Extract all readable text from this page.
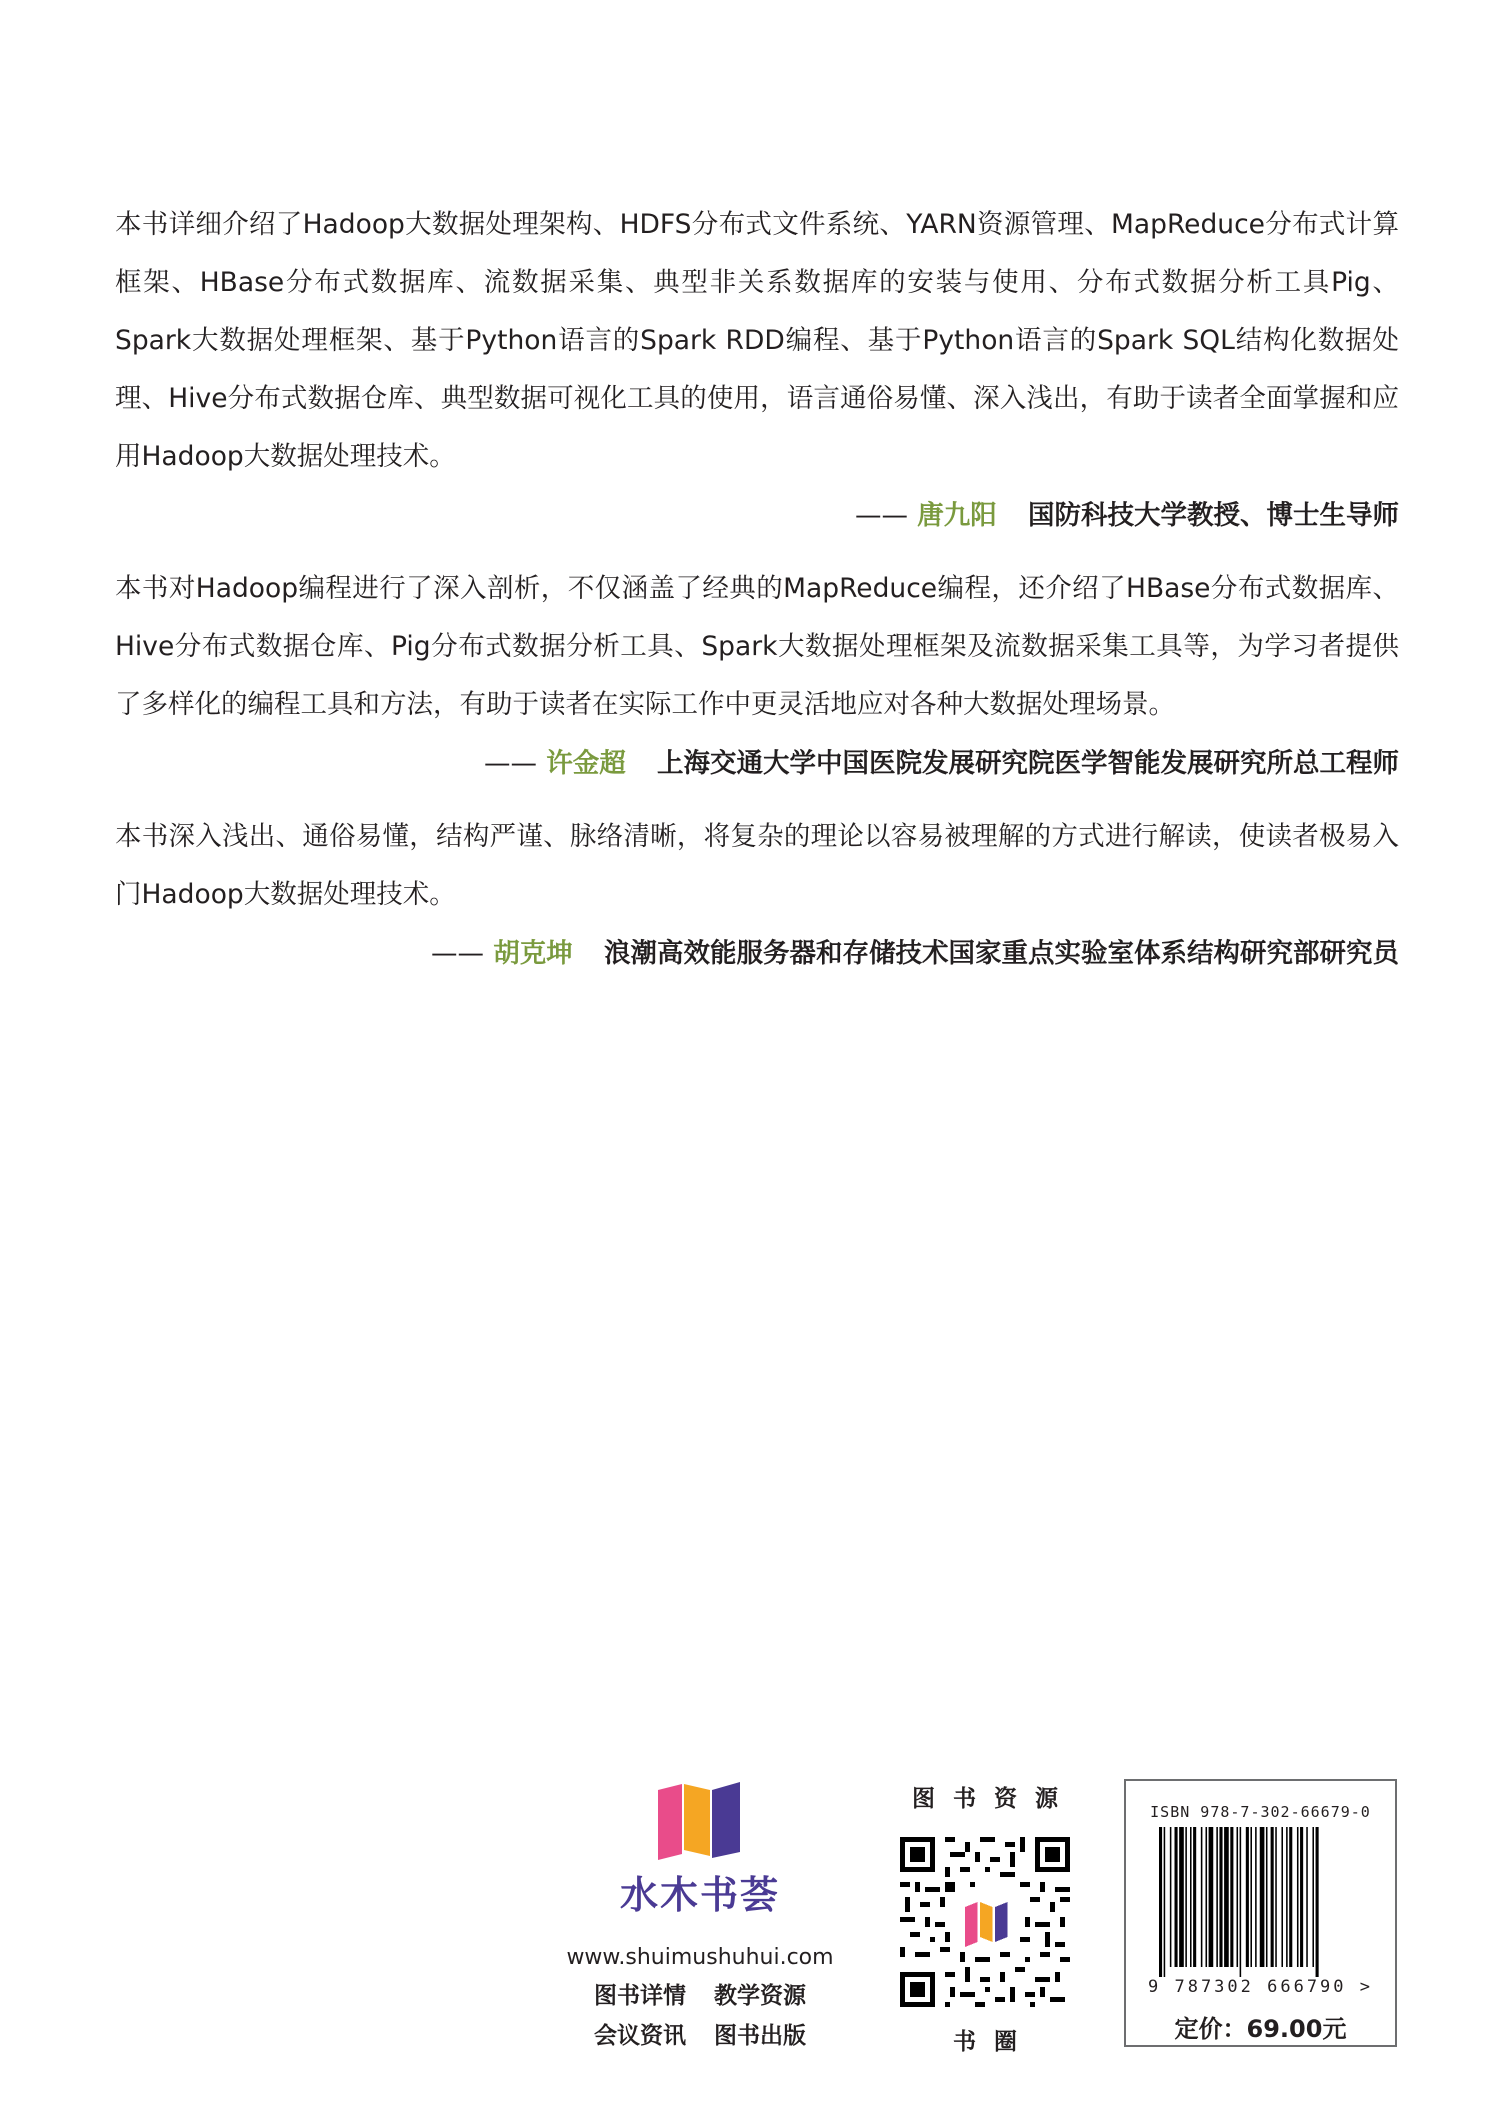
本书详细介绍了Hadoop大数据处理架构、HDFS分布式文件系统、YARN资源管理、MapReduce分布式计算框架、HBase分布式数据库、流数据采集、典型非关系数据库的安装与使用、分布式数据分析工具Pig、Spark大数据处理框架、基于Python语言的Spark RDD编程、基于Python语言的Spark SQL结构化数据处理、Hive分布式数据仓库、典型数据可视化工具的使用，语言通俗易懂、深入浅出，有助于读者全面掌握和应用Hadoop大数据处理技术。

—— 唐九阳 国防科技大学教授、博士生导师

本书对Hadoop编程进行了深入剖析，不仅涵盖了经典的MapReduce编程，还介绍了HBase分布式数据库、Hive分布式数据仓库、Pig分布式数据分析工具、Spark大数据处理框架及流数据采集工具等，为学习者提供了多样化的编程工具和方法，有助于读者在实际工作中更灵活地应对各种大数据处理场景。

—— 许金超 上海交通大学中国医院发展研究院医学智能发展研究所总工程师

本书深入浅出、通俗易懂，结构严谨、脉络清晰，将复杂的理论以容易被理解的方式进行解读，使读者极易入门Hadoop大数据处理技术。

—— 胡克坤 浪潮高效能服务器和存储技术国家重点实验室体系结构研究部研究员

水木书荟
www.shuimushuhui.com
图书详情 教学资源
会议资讯 图书出版
图书资源
书圈
ISBN 978-7-302-66679-0
9 787302 666790 >
定价：69.00元
